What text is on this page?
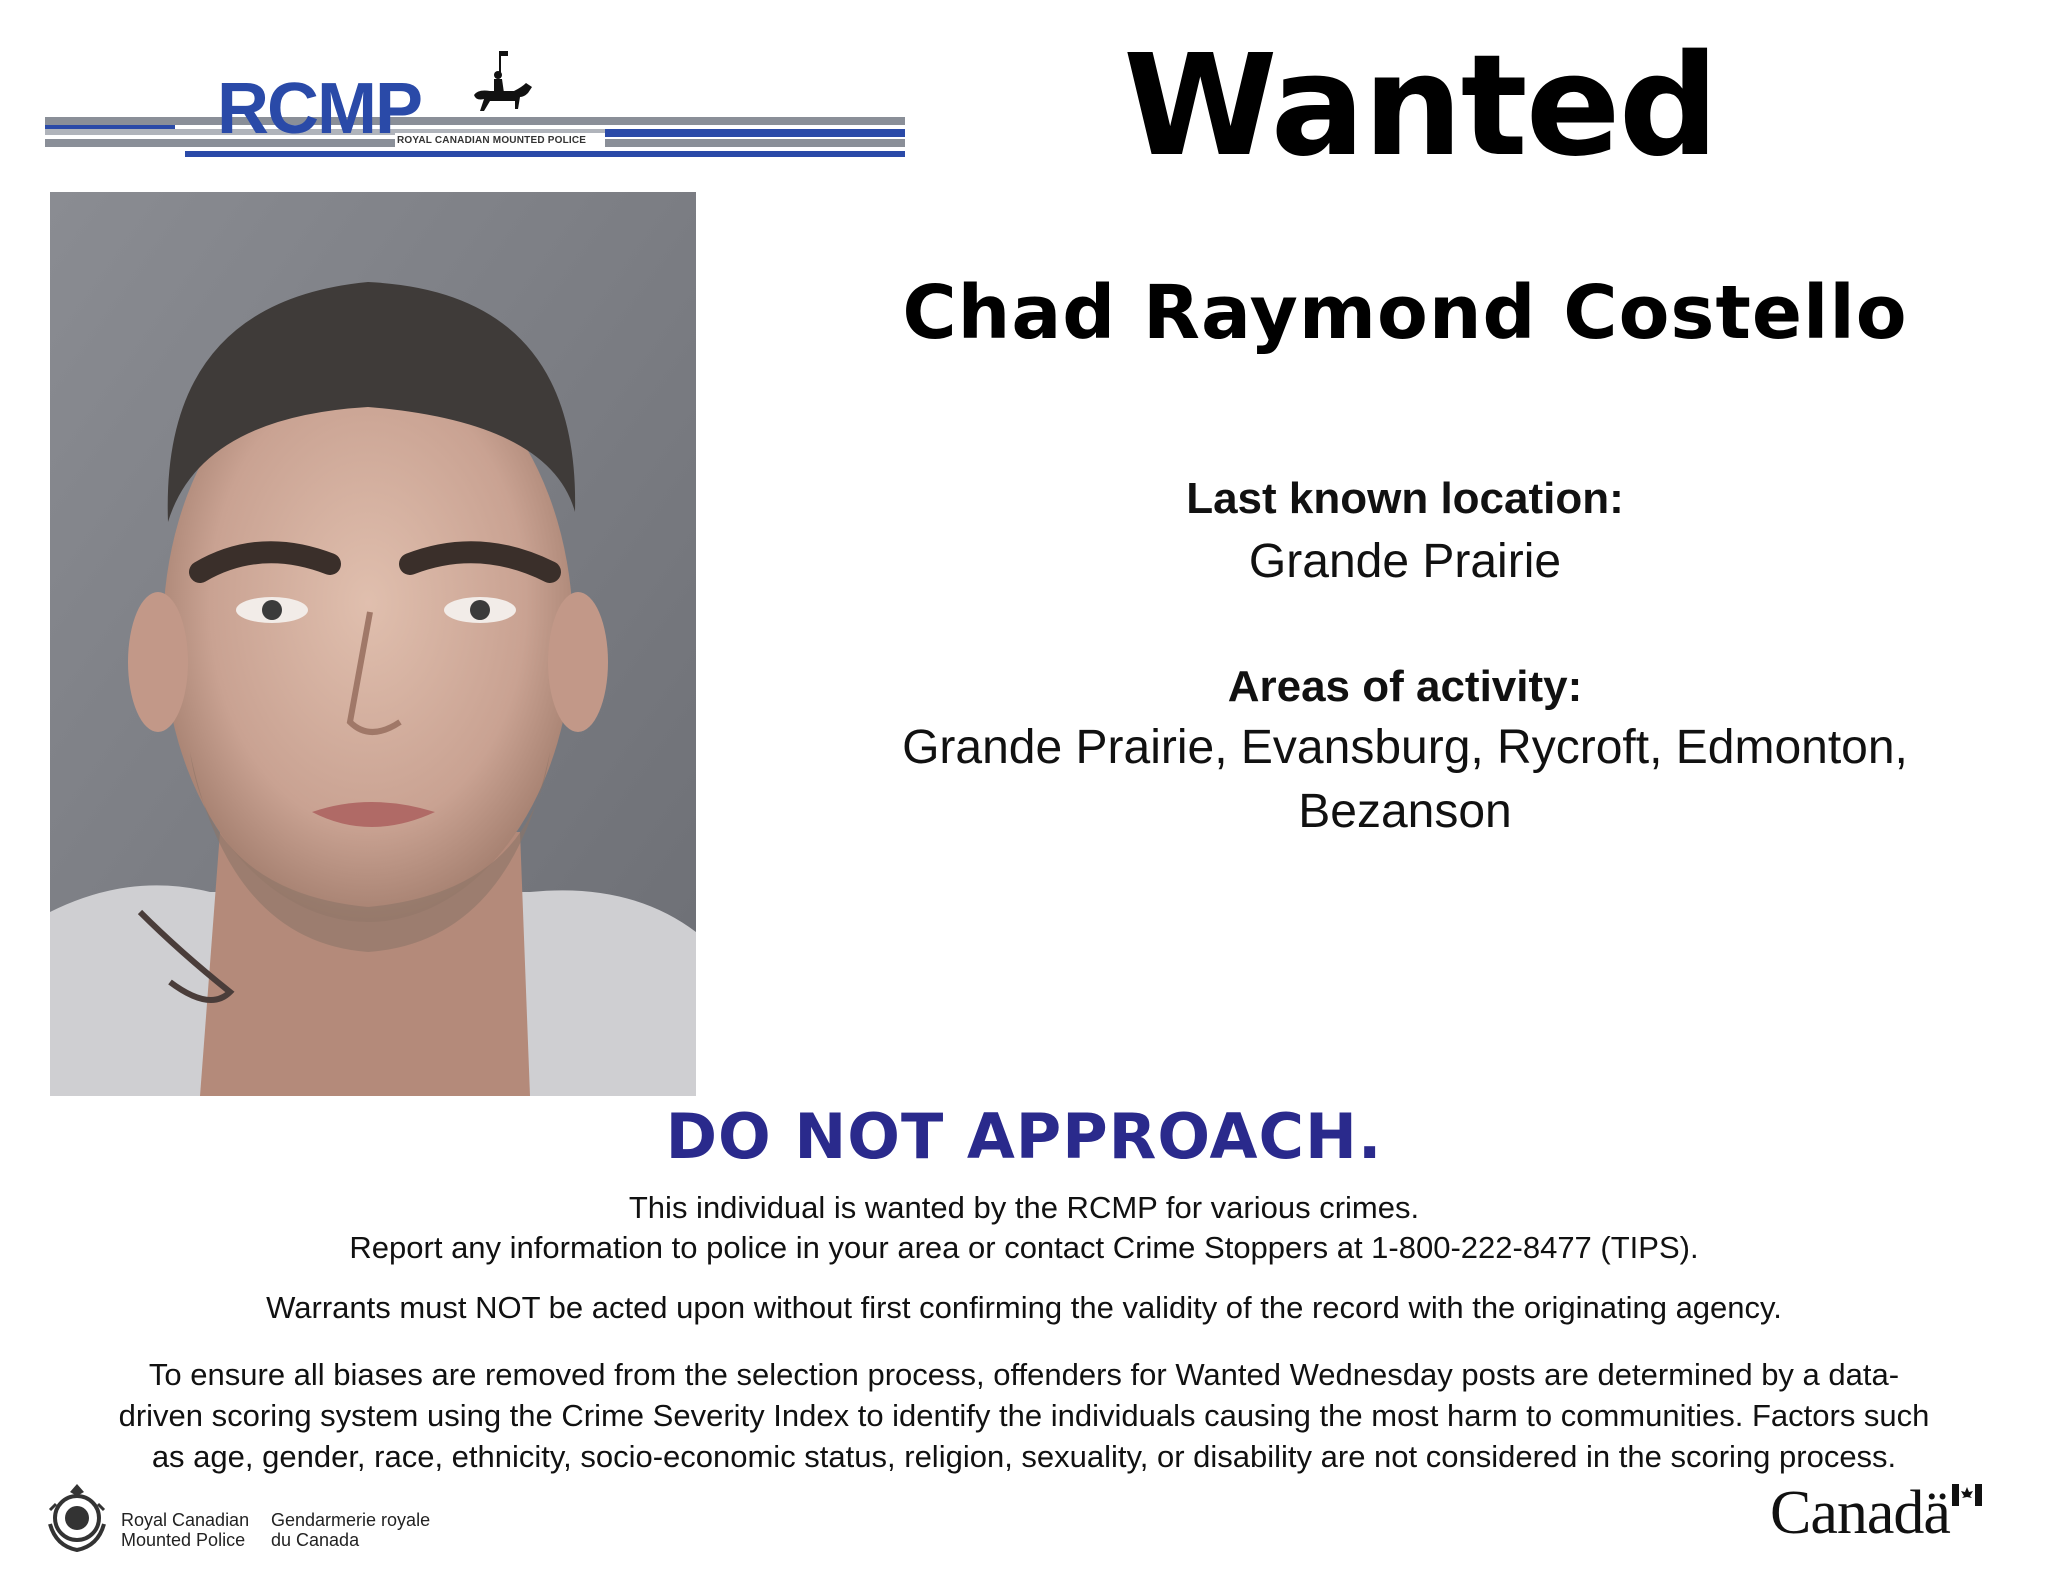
RCMP
ROYAL CANADIAN MOUNTED POLICE	Wanted
Chad Raymond Costello
Last known location:
Grande Prairie
Areas of activity:
Grande Prairie, Evansburg, Rycroft, Edmonton,
Bezanson
DO NOT APPROACH.
This individual is wanted by the RCMP for various crimes.
Report any information to police in your area or contact Crime Stoppers at 1-800-222-8477 (TIPS).
Warrants must NOT be acted upon without first confirming the validity of the record with the originating agency.
To ensure all biases are removed from the selection process, offenders for Wanted Wednesday posts are determined by a data-
driven scoring system using the Crime Severity Index to identify the individuals causing the most harm to communities. Factors such
as age, gender, race, ethnicity, socio-economic status, religion, sexuality, or disability are not considered in the scoring process.
Royal Canadian
Mounted Police
Gendarmerie royale
du Canada	Canadä
